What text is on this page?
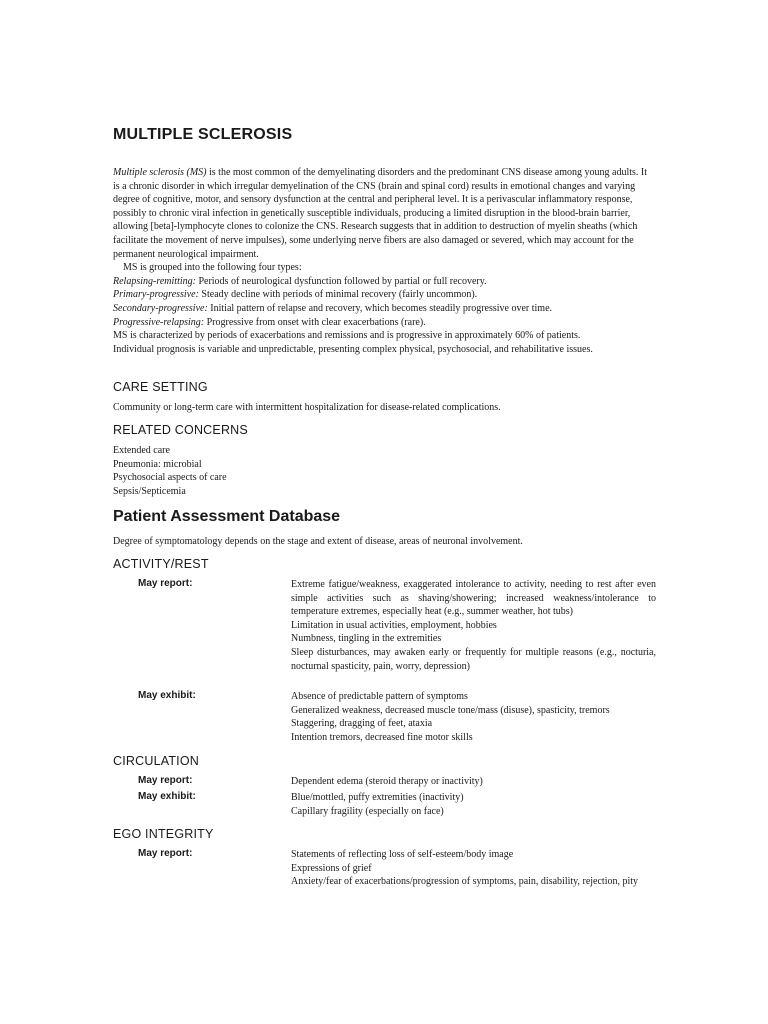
MULTIPLE SCLEROSIS

Multiple sclerosis (MS) is the most common of the demyelinating disorders and the predominant CNS disease among young adults. It is a chronic disorder in which irregular demyelination of the CNS (brain and spinal cord) results in emotional changes and varying degree of cognitive, motor, and sensory dysfunction at the central and peripheral level. It is a perivascular inflammatory response, possibly to chronic viral infection in genetically susceptible individuals, producing a limited disruption in the blood-brain barrier, allowing [beta]-lymphocyte clones to colonize the CNS. Research suggests that in addition to destruction of myelin sheaths (which facilitate the movement of nerve impulses), some underlying nerve fibers are also damaged or severed, which may account for the permanent neurological impairment.

MS is grouped into the following four types:

Relapsing-remitting: Periods of neurological dysfunction followed by partial or full recovery.

Primary-progressive: Steady decline with periods of minimal recovery (fairly uncommon).

Secondary-progressive: Initial pattern of relapse and recovery, which becomes steadily progressive over time.

Progressive-relapsing: Progressive from onset with clear exacerbations (rare).

MS is characterized by periods of exacerbations and remissions and is progressive in approximately 60% of patients.

Individual prognosis is variable and unpredictable, presenting complex physical, psychosocial, and rehabilitative issues.

CARE SETTING

Community or long-term care with intermittent hospitalization for disease-related complications.

RELATED CONCERNS
Extended care
Pneumonia: microbial
Psychosocial aspects of care
Sepsis/Septicemia
Patient Assessment Database

Degree of symptomatology depends on the stage and extent of disease, areas of neuronal involvement.

ACTIVITY/REST
May report:	Extreme fatigue/weakness, exaggerated intolerance to activity, needing to rest after even simple activities such as shaving/showering; increased weakness/intolerance to temperature extremes, especially heat (e.g., summer weather, hot tubs)
Limitation in usual activities, employment, hobbies
Numbness, tingling in the extremities
Sleep disturbances, may awaken early or frequently for multiple reasons (e.g., nocturia, nocturnal spasticity, pain, worry, depression)
May exhibit:	Absence of predictable pattern of symptoms
Generalized weakness, decreased muscle tone/mass (disuse), spasticity, tremors
Staggering, dragging of feet, ataxia
Intention tremors, decreased fine motor skills
CIRCULATION
May report:	Dependent edema (steroid therapy or inactivity)
May exhibit:	Blue/mottled, puffy extremities (inactivity)
Capillary fragility (especially on face)
EGO INTEGRITY
May report:	Statements of reflecting loss of self-esteem/body image
Expressions of grief
Anxiety/fear of exacerbations/progression of symptoms, pain, disability, rejection, pity
